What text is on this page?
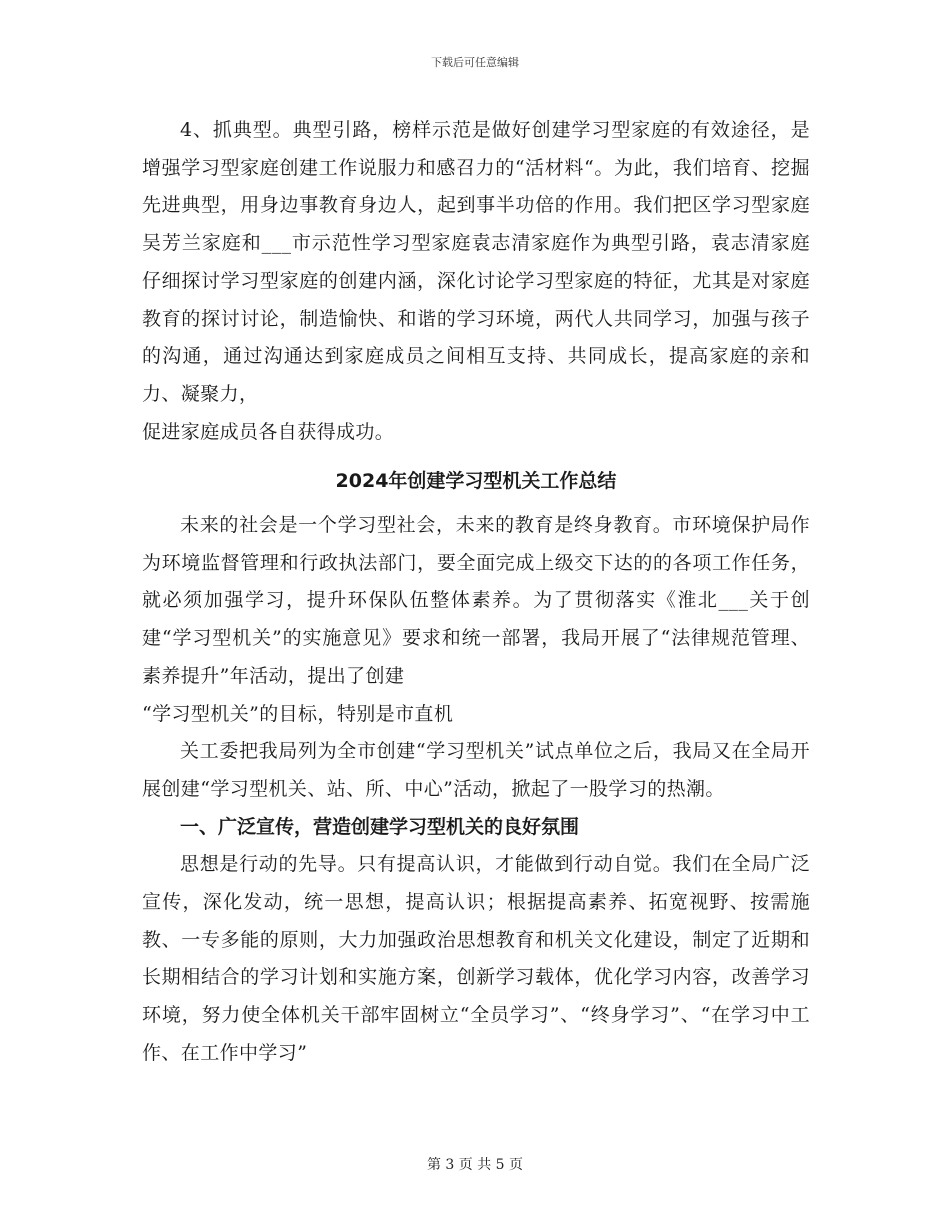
下载后可任意编辑

4、抓典型。典型引路，榜样示范是做好创建学习型家庭的有效途径，是增强学习型家庭创建工作说服力和感召力的“活材料“。为此，我们培育、挖掘先进典型，用身边事教育身边人，起到事半功倍的作用。我们把区学习型家庭吴芳兰家庭和___市示范性学习型家庭袁志清家庭作为典型引路，袁志清家庭仔细探讨学习型家庭的创建内涵，深化讨论学习型家庭的特征，尤其是对家庭教育的探讨讨论，制造愉快、和谐的学习环境，两代人共同学习，加强与孩子的沟通，通过沟通达到家庭成员之间相互支持、共同成长，提高家庭的亲和力、凝聚力，

促进家庭成员各自获得成功。

2024年创建学习型机关工作总结

未来的社会是一个学习型社会，未来的教育是终身教育。市环境保护局作为环境监督管理和行政执法部门，要全面完成上级交下达的的各项工作任务，就必须加强学习，提升环保队伍整体素养。为了贯彻落实《淮北___关于创建“学习型机关”的实施意见》要求和统一部署，我局开展了“法律规范管理、素养提升”年活动，提出了创建

“学习型机关”的目标，特别是市直机

关工委把我局列为全市创建“学习型机关”试点单位之后，我局又在全局开展创建“学习型机关、站、所、中心”活动，掀起了一股学习的热潮。

一、广泛宣传，营造创建学习型机关的良好氛围

思想是行动的先导。只有提高认识，才能做到行动自觉。我们在全局广泛宣传，深化发动，统一思想，提高认识；根据提高素养、拓宽视野、按需施教、一专多能的原则，大力加强政治思想教育和机关文化建设，制定了近期和长期相结合的学习计划和实施方案，创新学习载体，优化学习内容，改善学习环境，努力使全体机关干部牢固树立“全员学习”、“终身学习”、“在学习中工作、在工作中学习”

第 3 页 共 5 页
